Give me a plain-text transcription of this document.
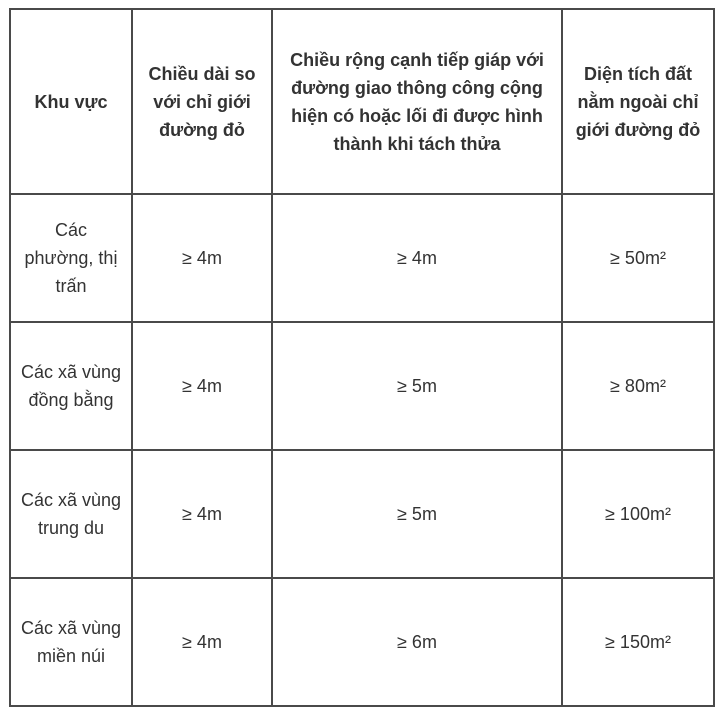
Khu vực	Chiều dài so với chỉ giới đường đỏ	Chiều rộng cạnh tiếp giáp với đường giao thông công cộng hiện có hoặc lối đi được hình thành khi tách thửa	Diện tích đất nằm ngoài chỉ giới đường đỏ
Các phường, thị trấn	≥ 4m	≥ 4m	≥ 50m²
Các xã vùng đồng bằng	≥ 4m	≥ 5m	≥ 80m²
Các xã vùng trung du	≥ 4m	≥ 5m	≥ 100m²
Các xã vùng miền núi	≥ 4m	≥ 6m	≥ 150m²
